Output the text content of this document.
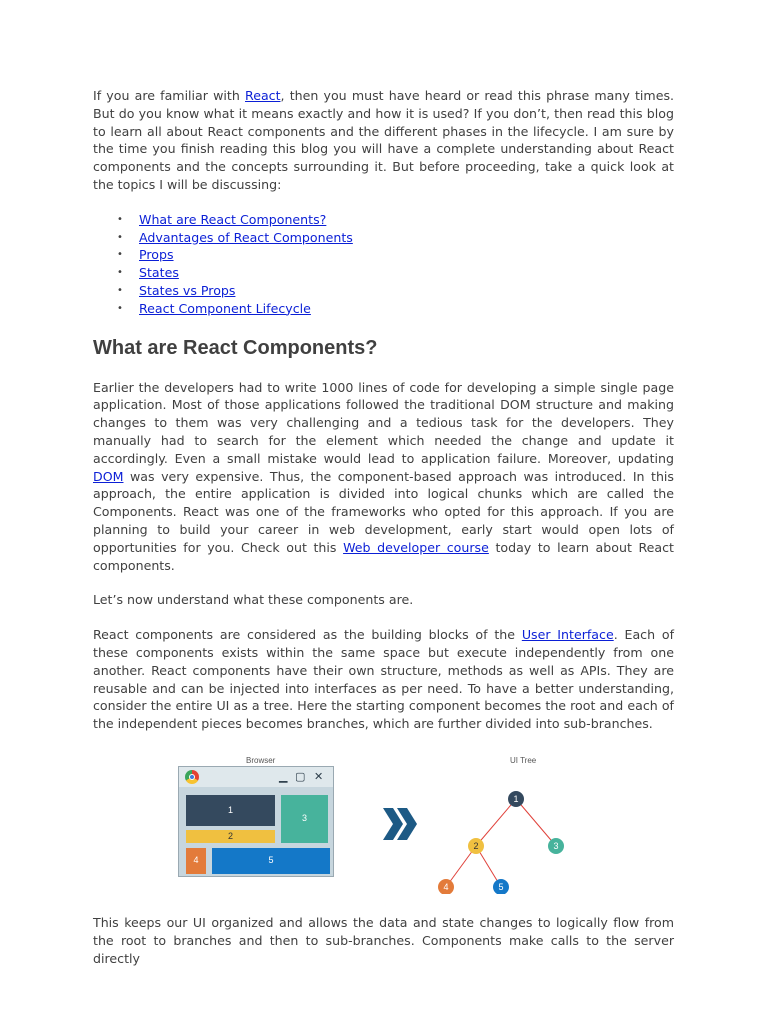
If you are familiar with React, then you must have heard or read this phrase many times. But do you know what it means exactly and how it is used? If you don’t, then read this blog to learn all about React components and the different phases in the lifecycle. I am sure by the time you finish reading this blog you will have a complete understanding about React components and the concepts surrounding it. But before proceeding, take a quick look at the topics I will be discussing:

• What are React Components?
• Advantages of React Components
• Props
• States
• States vs Props
• React Component Lifecycle
What are React Components?

Earlier the developers had to write 1000 lines of code for developing a simple single page application. Most of those applications followed the traditional DOM structure and making changes to them was very challenging and a tedious task for the developers. They manually had to search for the element which needed the change and update it accordingly. Even a small mistake would lead to application failure. Moreover, updating DOM was very expensive. Thus, the component-based approach was introduced. In this approach, the entire application is divided into logical chunks which are called the Components. React was one of the frameworks who opted for this approach. If you are planning to build your career in web development, early start would open lots of opportunities for you. Check out this Web developer course today to learn about React components.

Let’s now understand what these components are.

React components are considered as the building blocks of the User Interface. Each of these components exists within the same space but execute independently from one another. React components have their own structure, methods as well as APIs. They are reusable and can be injected into interfaces as per need. To have a better understanding, consider the entire UI as a tree. Here the starting component becomes the root and each of the independent pieces becomes branches, which are further divided into sub-branches.

Browser	UI Tree
▁ ▢ ✕
1
3
2
4	5
1
2	3
4	5

This keeps our UI organized and allows the data and state changes to logically flow from the root to branches and then to sub-branches. Components make calls to the server directly
